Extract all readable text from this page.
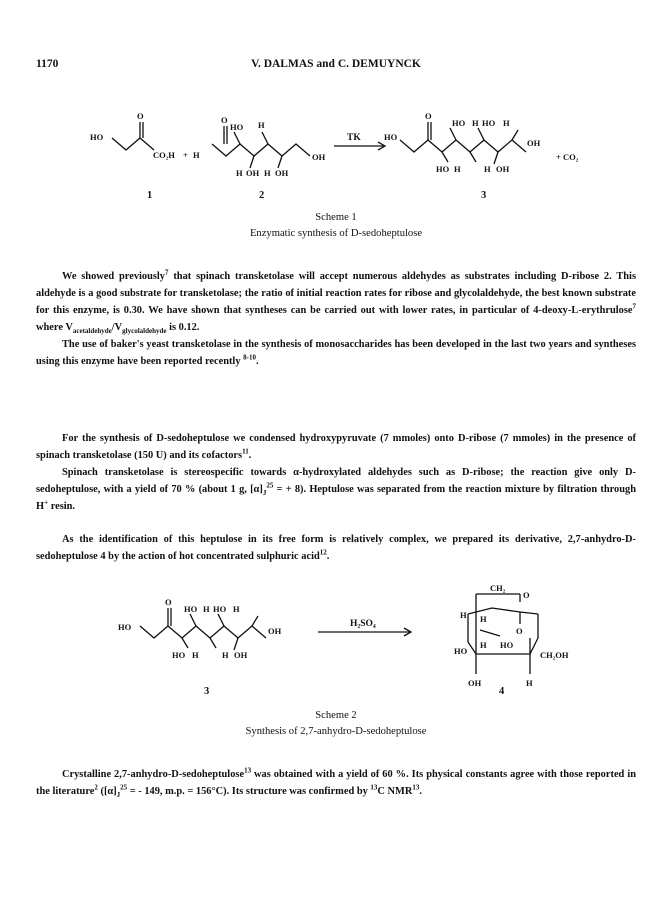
1170	V. DALMAS and C. DEMUYNCK
HO
O
CO₂H + H
O
HO H
H OH H OH
OH
TK	HO
O
HO H HO H
HO H	H OH
OH
+ CO₂
1	2	3
Scheme 1
Enzymatic synthesis of D-sedoheptulose

We showed previously$^7$ that spinach transketolase will accept numerous aldehydes as substrates including D-ribose 2. This aldehyde is a good substrate for transketolase; the ratio of initial reaction rates for ribose and glycolaldehyde, the best known substrate for this enzyme, is 0.30. We have shown that syntheses can be carried out with lower rates, in particular of 4-deoxy-L-erythrulose$^7$ where $V_{acetaldehyde}/V_{glycolaldehyde}$ is 0.12.

The use of baker's yeast transketolase in the synthesis of monosaccharides has been developed in the last two years and syntheses using this enzyme have been reported recently $^{8-10}$.

For the synthesis of D-sedoheptulose we condensed hydroxypyruvate (7 mmoles) onto D-ribose (7 mmoles) in the presence of spinach transketolase (150 U) and its cofactors$^{11}$.

Spinach transketolase is stereospecific towards α-hydroxylated aldehydes such as D-ribose; the reaction give only D-sedoheptulose, with a yield of 70 % (about 1 g, $[\alpha]_J^{25}$ = + 8). Heptulose was separated from the reaction mixture by filtration through H+ resin.

As the identification of this heptulose in its free form is relatively complex, we prepared its derivative, 2,7-anhydro-D-sedoheptulose 4 by the action of hot concentrated sulphuric acid$^{12}$.

HO
O
HO H HO H
HO H	H OH
OH
H₂SO₄
CH₂
O
H H
O
H HO
HO	CH₂OH
OH	H
3	4
Scheme 2
Synthesis of 2,7-anhydro-D-sedoheptulose

Crystalline 2,7-anhydro-D-sedoheptulose$^{13}$ was obtained with a yield of 60 %. Its physical constants agree with those reported in the literature$^2$ ($[\alpha]_J^{25}$ = - 149, m.p. = 156°C). Its structure was confirmed by $^{13}$C NMR$^{13}$.
